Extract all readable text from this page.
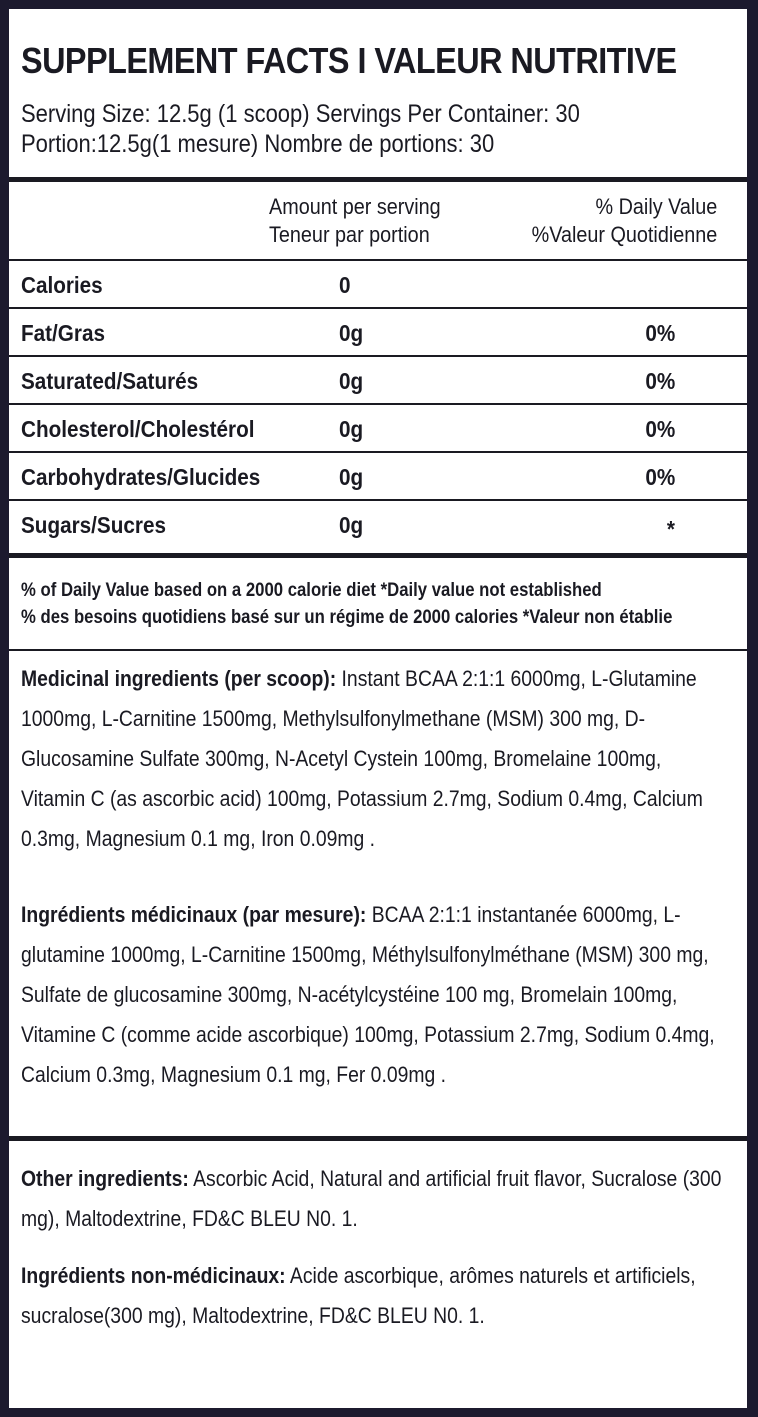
SUPPLEMENT FACTS I VALEUR NUTRITIVE
Serving Size: 12.5g (1 scoop) Servings Per Container: 30
Portion:12.5g(1 mesure) Nombre de portions: 30
Amount per serving
Teneur par portion
% Daily Value
%Valeur Quotidienne
Calories	0
Fat/Gras	0g	0%
Saturated/Saturés	0g	0%
Cholesterol/Cholestérol	0g	0%
Carbohydrates/Glucides	0g	0%
Sugars/Sucres	0g	*
% of Daily Value based on a 2000 calorie diet *Daily value not established
% des besoins quotidiens basé sur un régime de 2000 calories *Valeur non établie
Medicinal ingredients (per scoop): Instant BCAA 2:1:1 6000mg, L-Glutamine 1000mg, L-Carnitine 1500mg, Methylsulfonylmethane (MSM) 300 mg, D-Glucosamine Sulfate 300mg, N-Acetyl Cystein 100mg, Bromelaine 100mg, Vitamin C (as ascorbic acid) 100mg, Potassium 2.7mg, Sodium 0.4mg, Calcium 0.3mg, Magnesium 0.1 mg, Iron 0.09mg .
Ingrédients médicinaux (par mesure): BCAA 2:1:1 instantanée 6000mg, L-glutamine 1000mg, L-Carnitine 1500mg, Méthylsulfonylméthane (MSM) 300 mg, Sulfate de glucosamine 300mg, N-acétylcystéine 100 mg, Bromelain 100mg, Vitamine C (comme acide ascorbique) 100mg, Potassium 2.7mg, Sodium 0.4mg, Calcium 0.3mg, Magnesium 0.1 mg, Fer 0.09mg .
Other ingredients: Ascorbic Acid, Natural and artificial fruit flavor, Sucralose (300 mg), Maltodextrine, FD&C BLEU N0. 1.
Ingrédients non-médicinaux: Acide ascorbique, arômes naturels et artificiels, sucralose(300 mg), Maltodextrine, FD&C BLEU N0. 1.
